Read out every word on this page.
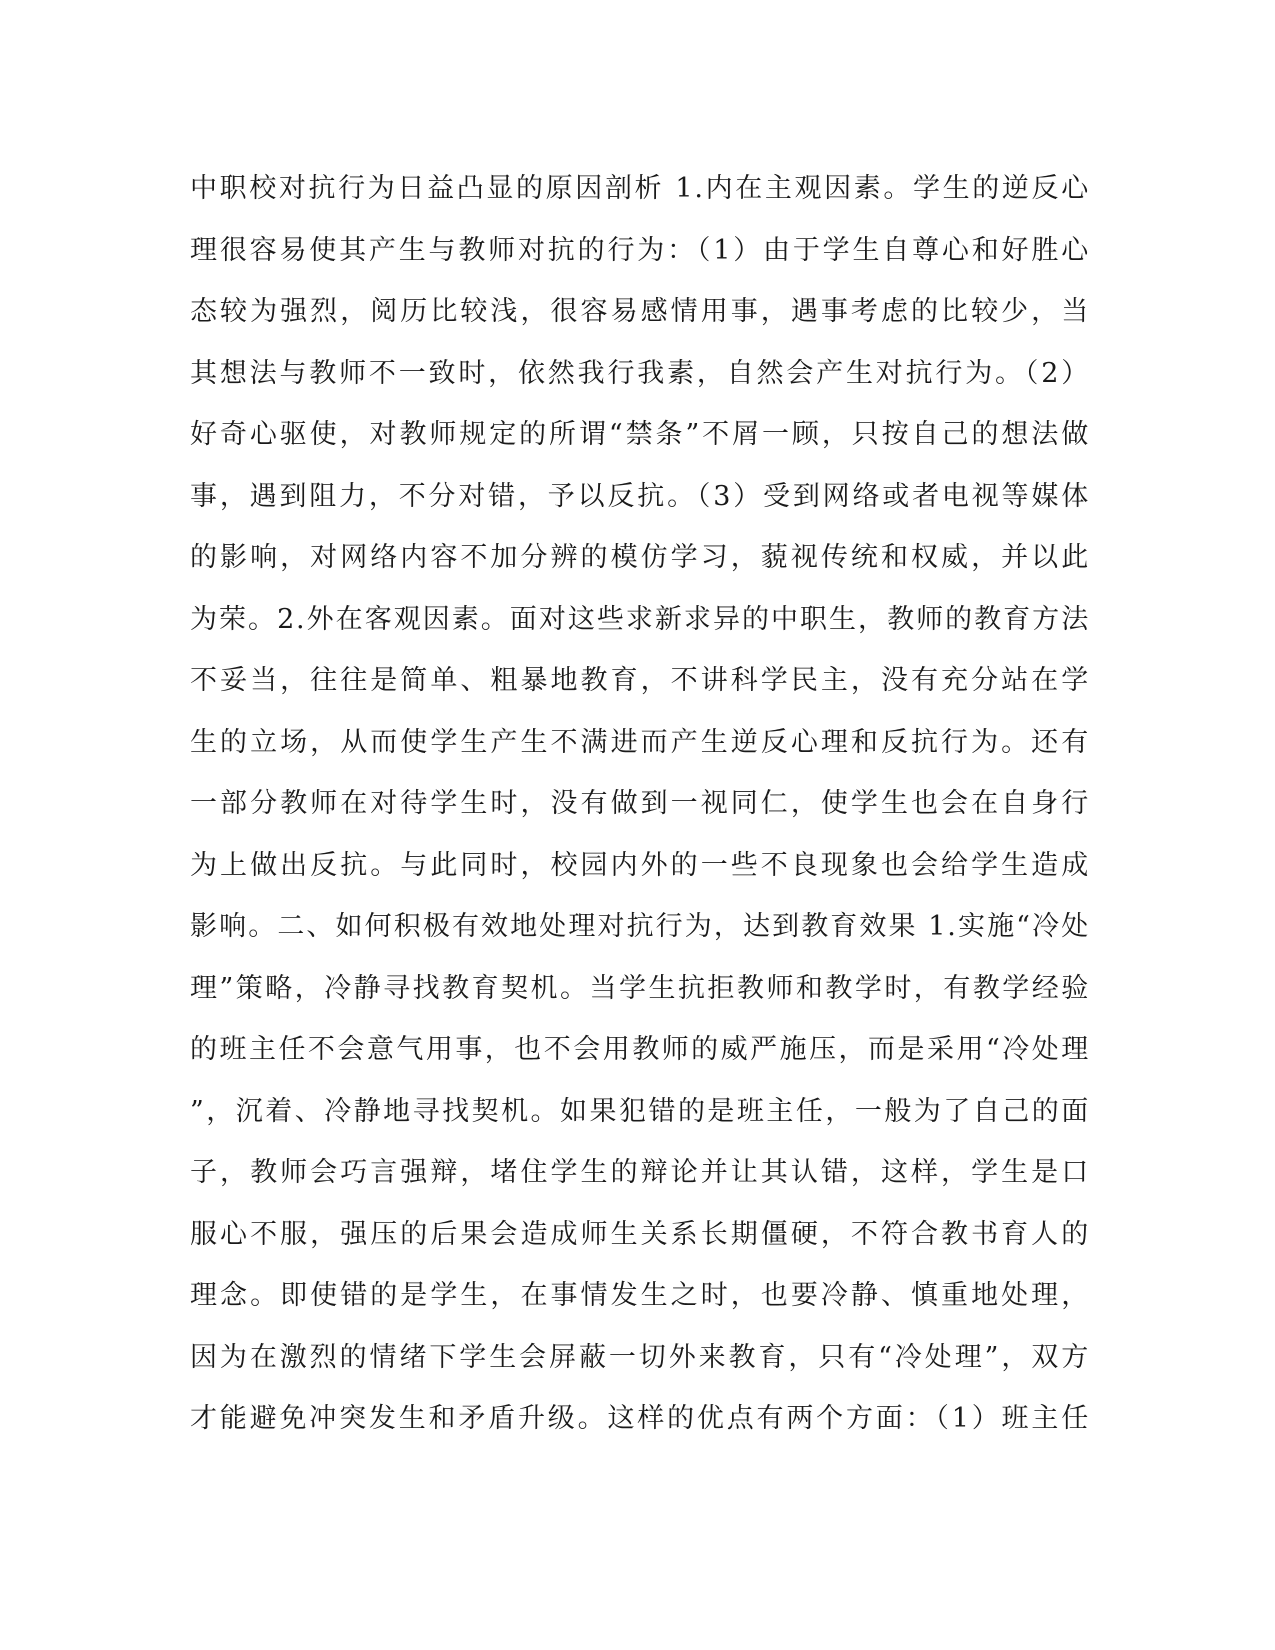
中职校对抗行为日益凸显的原因剖析 1.内在主观因素。学生的逆反心
理很容易使其产生与教师对抗的行为：（1）由于学生自尊心和好胜心
态较为强烈，阅历比较浅，很容易感情用事，遇事考虑的比较少，当
其想法与教师不一致时，依然我行我素，自然会产生对抗行为。（2）
好奇心驱使，对教师规定的所谓“禁条”不屑一顾，只按自己的想法做
事，遇到阻力，不分对错，予以反抗。（3）受到网络或者电视等媒体
的影响，对网络内容不加分辨的模仿学习，藐视传统和权威，并以此
为荣。2.外在客观因素。面对这些求新求异的中职生，教师的教育方法
不妥当，往往是简单、粗暴地教育，不讲科学民主，没有充分站在学
生的立场，从而使学生产生不满进而产生逆反心理和反抗行为。还有
一部分教师在对待学生时，没有做到一视同仁，使学生也会在自身行
为上做出反抗。与此同时，校园内外的一些不良现象也会给学生造成
影响。二、如何积极有效地处理对抗行为，达到教育效果 1.实施“冷处
理”策略，冷静寻找教育契机。当学生抗拒教师和教学时，有教学经验
的班主任不会意气用事，也不会用教师的威严施压，而是采用“冷处理
”，沉着、冷静地寻找契机。如果犯错的是班主任，一般为了自己的面
子，教师会巧言强辩，堵住学生的辩论并让其认错，这样，学生是口
服心不服，强压的后果会造成师生关系长期僵硬，不符合教书育人的
理念。即使错的是学生，在事情发生之时，也要冷静、慎重地处理，
因为在激烈的情绪下学生会屏蔽一切外来教育，只有“冷处理”，双方
才能避免冲突发生和矛盾升级。这样的优点有两个方面：（1）班主任
